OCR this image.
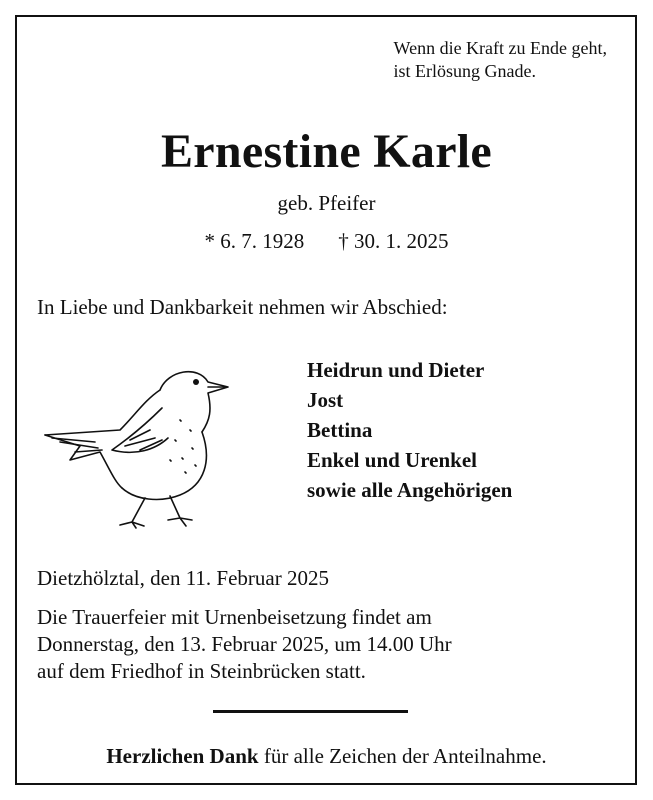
Wenn die Kraft zu Ende geht,
ist Erlösung Gnade.
Ernestine Karle
geb. Pfeifer
* 6. 7. 1928 † 30. 1. 2025
In Liebe und Dankbarkeit nehmen wir Abschied:
Heidrun und Dieter
Jost
Bettina
Enkel und Urenkel
sowie alle Angehörigen
Dietzhölztal, den 11. Februar 2025
Die Trauerfeier mit Urnenbeisetzung findet am
Donnerstag, den 13. Februar 2025, um 14.00 Uhr
auf dem Friedhof in Steinbrücken statt.
Herzlichen Dank für alle Zeichen der Anteilnahme.
